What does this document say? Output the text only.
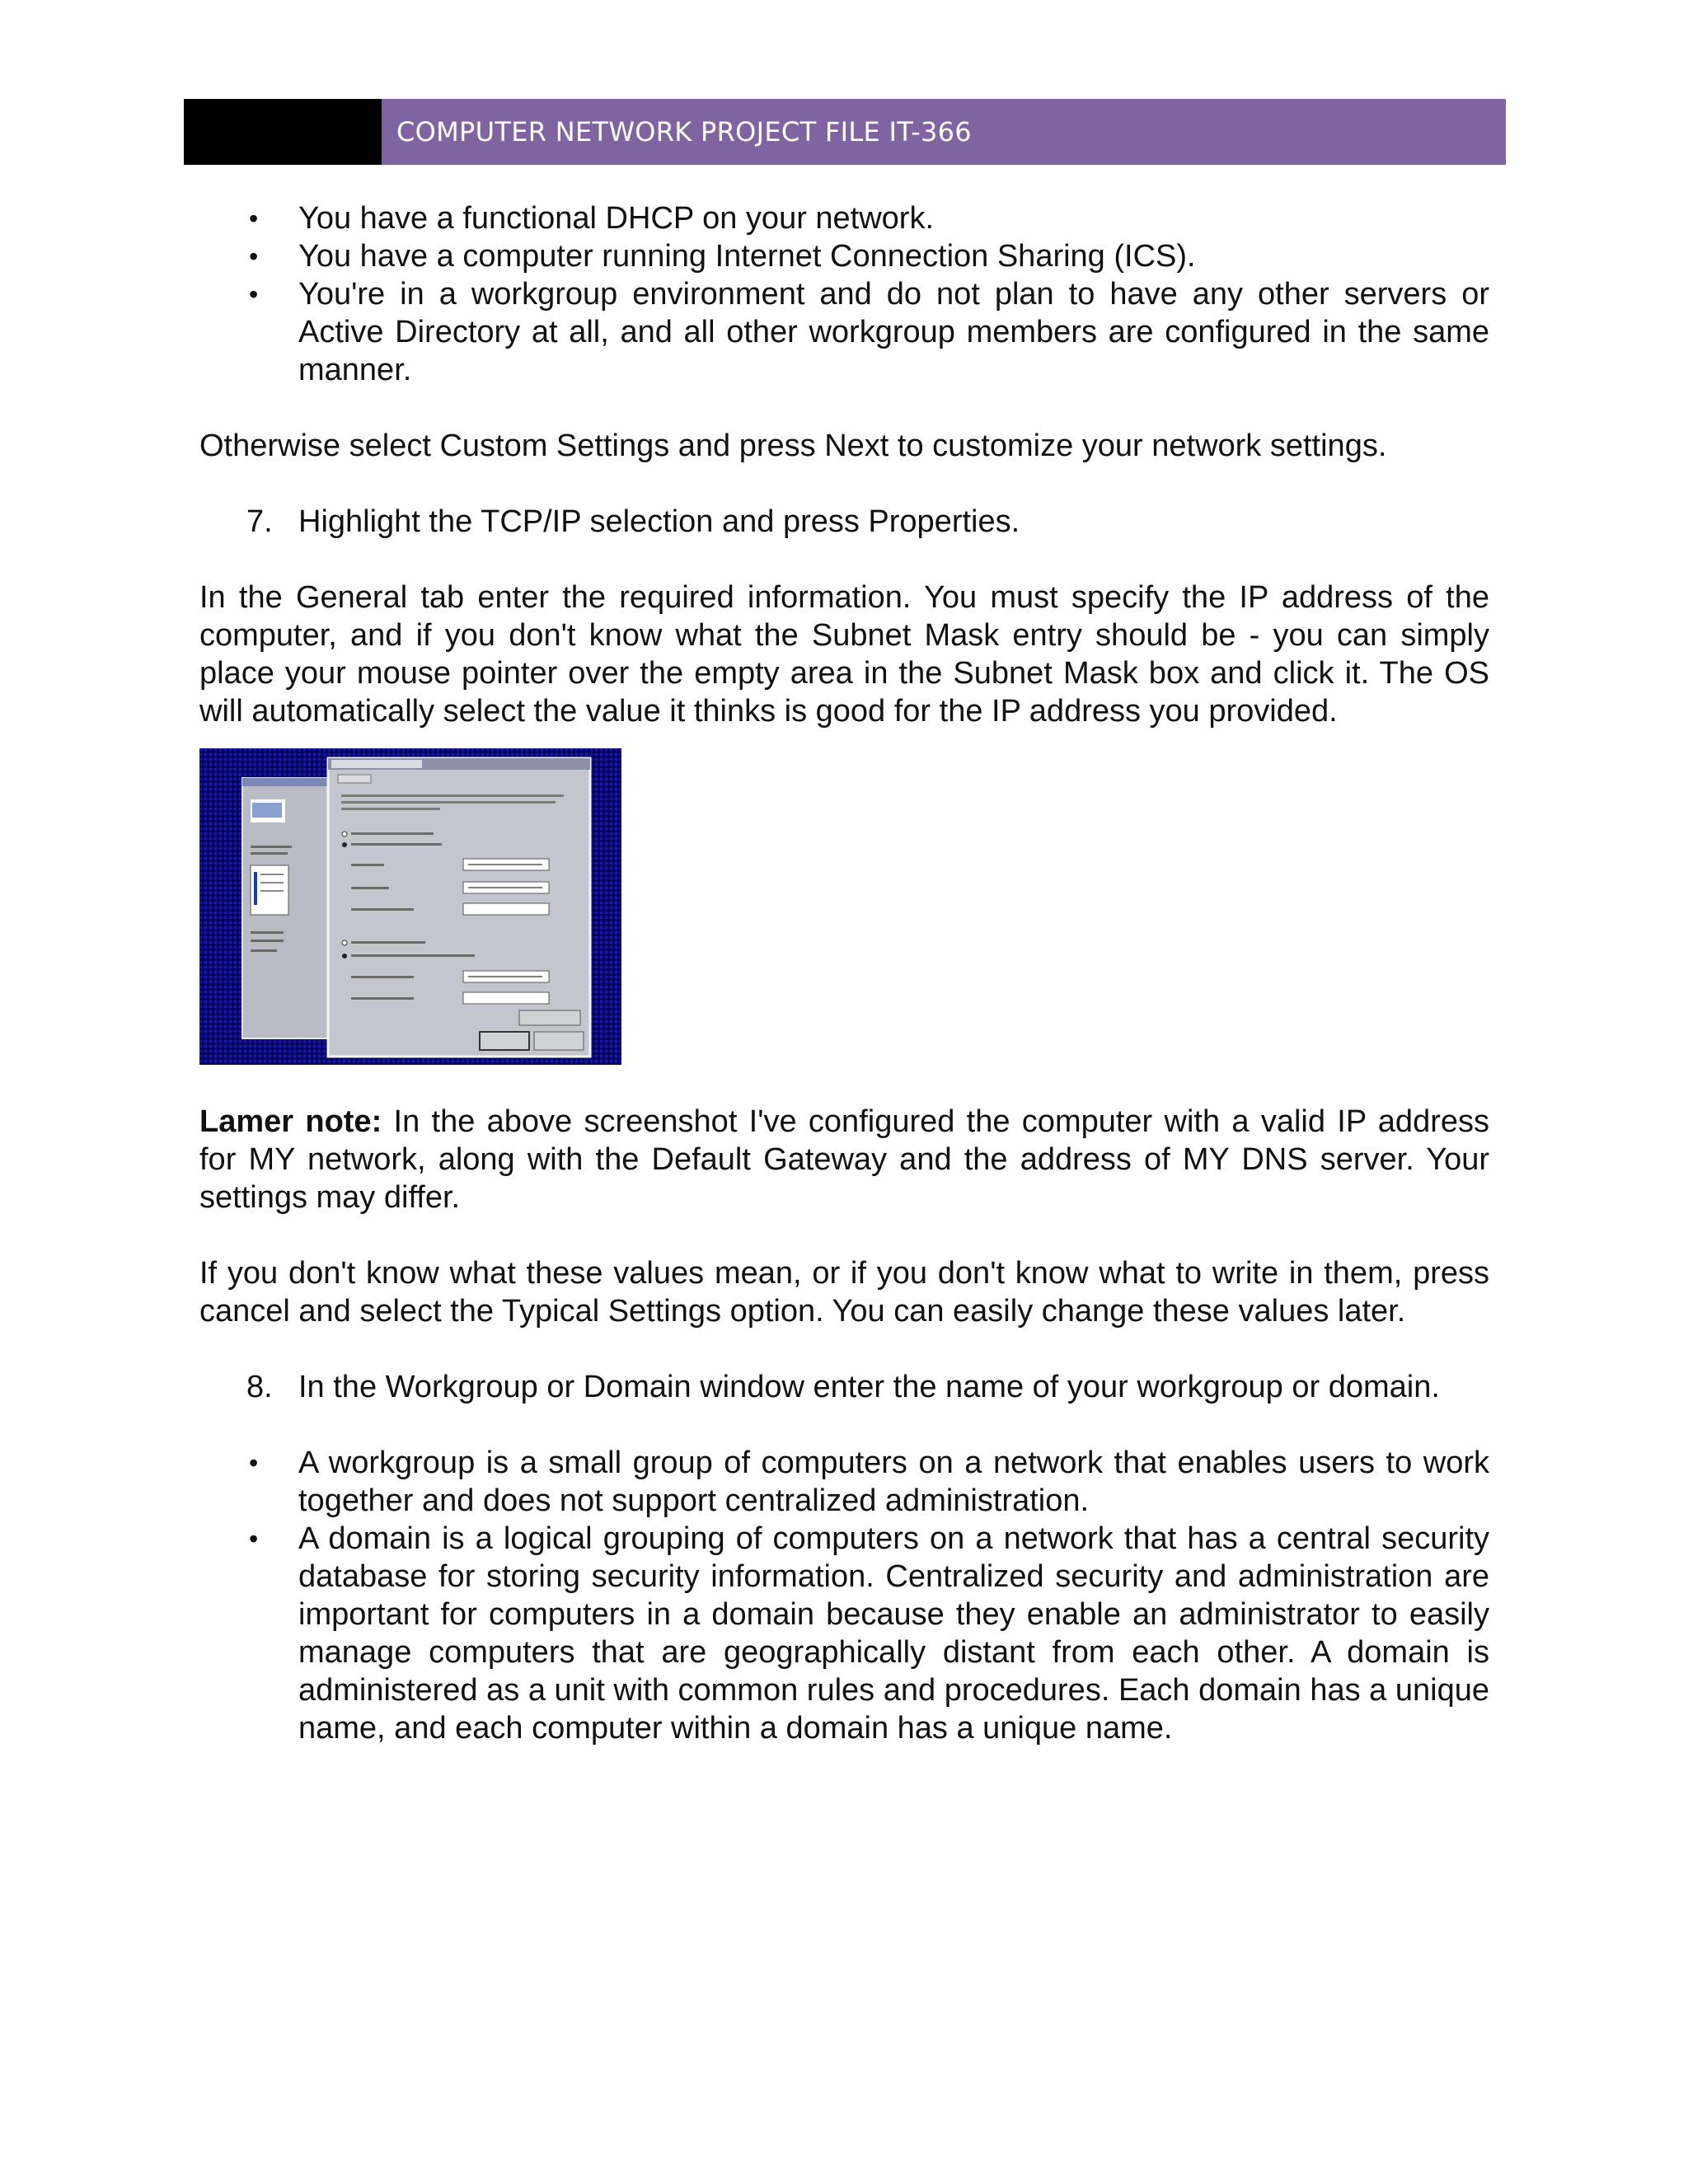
COMPUTER NETWORK PROJECT FILE IT-366
• You have a functional DHCP on your network.
• You have a computer running Internet Connection Sharing (ICS).
• You're in a workgroup environment and do not plan to have any other servers or Active Directory at all, and all other workgroup members are configured in the same manner.

Otherwise select Custom Settings and press Next to customize your network settings.

7. Highlight the TCP/IP selection and press Properties.

In the General tab enter the required information. You must specify the IP address of the computer, and if you don't know what the Subnet Mask entry should be - you can simply place your mouse pointer over the empty area in the Subnet Mask box and click it. The OS will automatically select the value it thinks is good for the IP address you provided.

Lamer note: In the above screenshot I've configured the computer with a valid IP address for MY network, along with the Default Gateway and the address of MY DNS server. Your settings may differ.

If you don't know what these values mean, or if you don't know what to write in them, press cancel and select the Typical Settings option. You can easily change these values later.

8. In the Workgroup or Domain window enter the name of your workgroup or domain.
• A workgroup is a small group of computers on a network that enables users to work together and does not support centralized administration.
• A domain is a logical grouping of computers on a network that has a central security database for storing security information. Centralized security and administration are important for computers in a domain because they enable an administrator to easily manage computers that are geographically distant from each other. A domain is administered as a unit with common rules and procedures. Each domain has a unique name, and each computer within a domain has a unique name.
